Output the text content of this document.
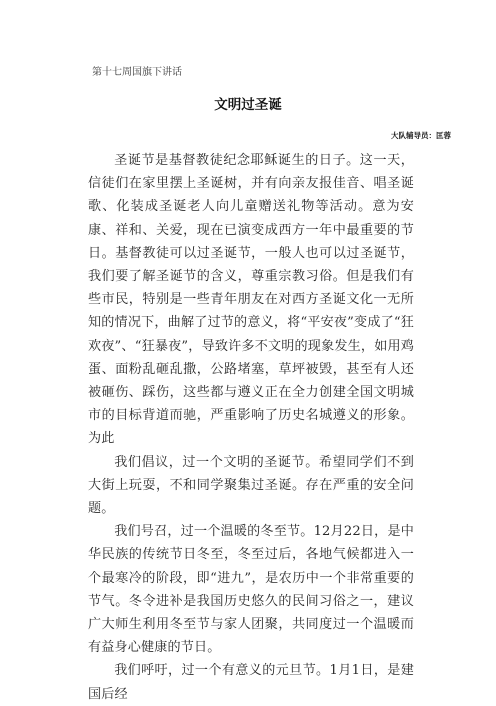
第十七周国旗下讲话
文明过圣诞
大队辅导员：匡蓉

圣诞节是基督教徒纪念耶稣诞生的日子。这一天，信徒们在家里摆上圣诞树，并有向亲友报佳音、唱圣诞歌、化装成圣诞老人向儿童赠送礼物等活动。意为安康、祥和、关爱，现在已演变成西方一年中最重要的节日。基督教徒可以过圣诞节，一般人也可以过圣诞节，我们要了解圣诞节的含义，尊重宗教习俗。但是我们有些市民，特别是一些青年朋友在对西方圣诞文化一无所知的情况下，曲解了过节的意义，将“平安夜”变成了“狂欢夜”、“狂暴夜”，导致许多不文明的现象发生，如用鸡蛋、面粉乱砸乱撒，公路堵塞，草坪被毁，甚至有人还被砸伤、踩伤，这些都与遵义正在全力创建全国文明城市的目标背道而驰，严重影响了历史名城遵义的形象。为此

我们倡议，过一个文明的圣诞节。希望同学们不到大街上玩耍，不和同学聚集过圣诞。存在严重的安全问题。

我们号召，过一个温暖的冬至节。12月22日，是中华民族的传统节日冬至，冬至过后，各地气候都进入一个最寒冷的阶段，即“进九”，是农历中一个非常重要的节气。冬令进补是我国历史悠久的民间习俗之一，建议广大师生利用冬至节与家人团聚，共同度过一个温暖而有益身心健康的节日。

我们呼吁，过一个有意义的元旦节。1月1日，是建国后经
